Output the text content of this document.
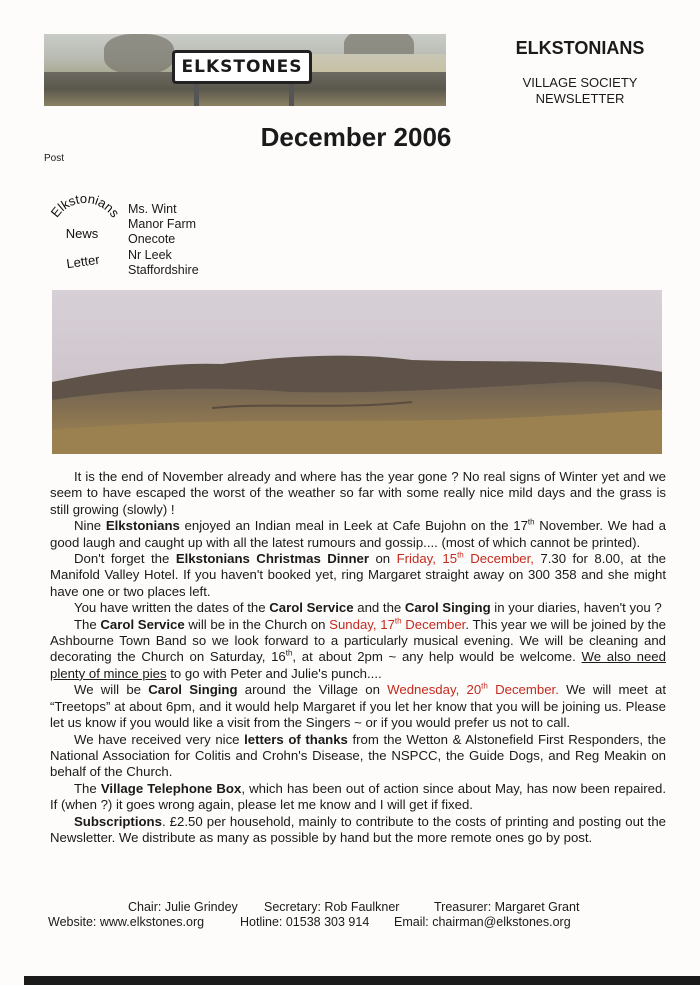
ELKSTONES
ELKSTONIANS
VILLAGE SOCIETY
NEWSLETTER
December 2006
Post
Elkstonians
News
Letter
Ms. Wint
Manor Farm
Onecote
Nr Leek
Staffordshire

It is the end of November already and where has the year gone ? No real signs of Winter yet and we seem to have escaped the worst of the weather so far with some really nice mild days and the grass is still growing (slowly) !

Nine Elkstonians enjoyed an Indian meal in Leek at Cafe Bujohn on the 17th November. We had a good laugh and caught up with all the latest rumours and gossip.... (most of which cannot be printed).

Don't forget the Elkstonians Christmas Dinner on Friday, 15th December, 7.30 for 8.00, at the Manifold Valley Hotel. If you haven't booked yet, ring Margaret straight away on 300 358 and she might have one or two places left.

You have written the dates of the Carol Service and the Carol Singing in your diaries, haven't you ?

The Carol Service will be in the Church on Sunday, 17th December. This year we will be joined by the Ashbourne Town Band so we look forward to a particularly musical evening. We will be cleaning and decorating the Church on Saturday, 16th, at about 2pm ~ any help would be welcome. We also need plenty of mince pies to go with Peter and Julie's punch....

We will be Carol Singing around the Village on Wednesday, 20th December. We will meet at “Treetops” at about 6pm, and it would help Margaret if you let her know that you will be joining us. Please let us know if you would like a visit from the Singers ~ or if you would prefer us not to call.

We have received very nice letters of thanks from the Wetton & Alstonefield First Responders, the National Association for Colitis and Crohn's Disease, the NSPCC, the Guide Dogs, and Reg Meakin on behalf of the Church.

The Village Telephone Box, which has been out of action since about May, has now been repaired. If (when ?) it goes wrong again, please let me know and I will get if fixed.

Subscriptions. £2.50 per household, mainly to contribute to the costs of printing and posting out the Newsletter. We distribute as many as possible by hand but the more remote ones go by post.

Chair: Julie Grindey Secretary: Rob Faulkner	Treasurer: Margaret Grant
Website: www.elkstones.org	Hotline: 01538 303 914 Email: chairman@elkstones.org
